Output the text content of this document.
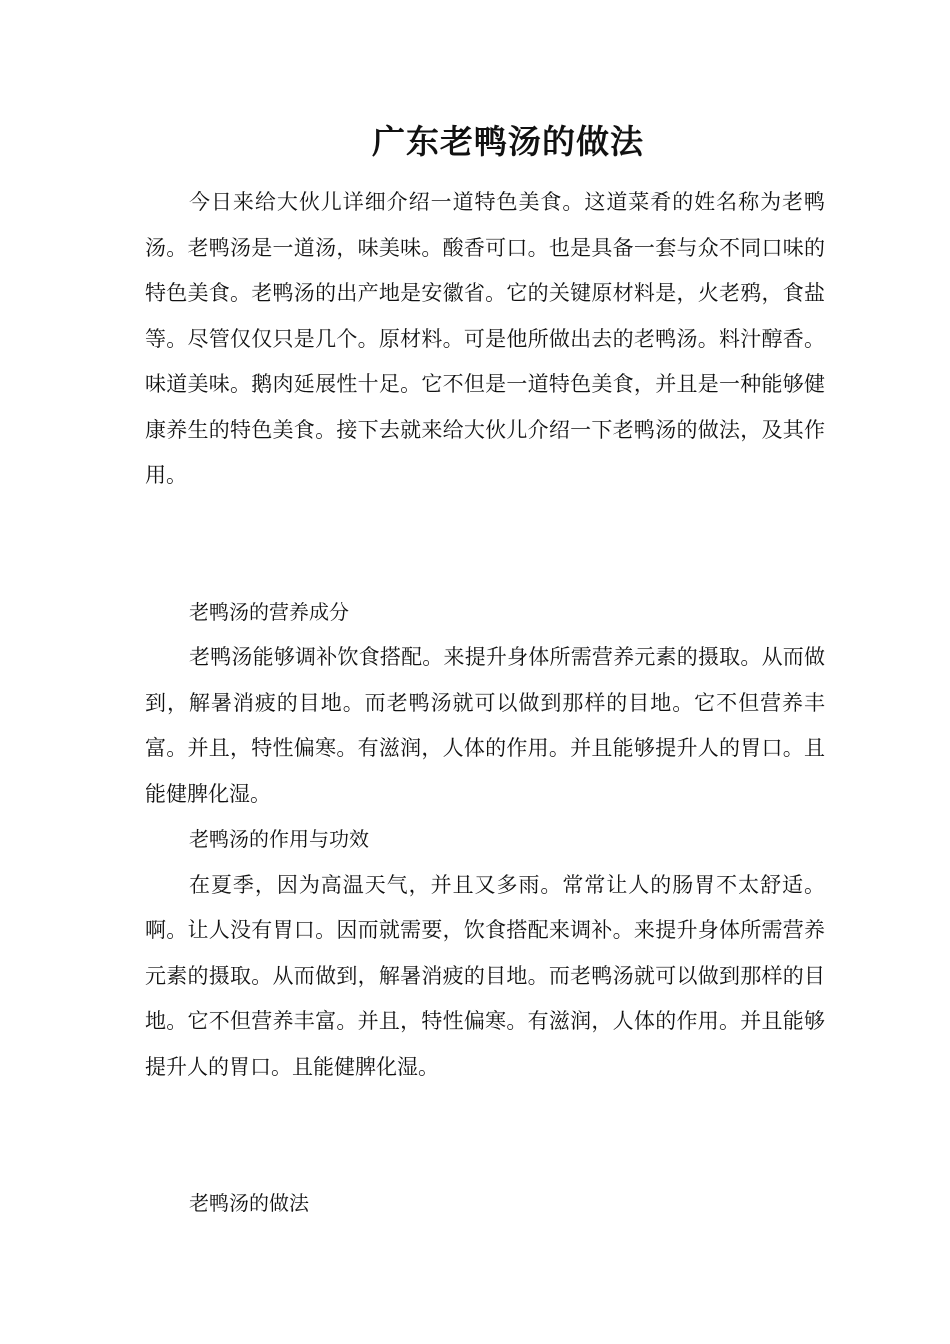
广东老鸭汤的做法

今日来给大伙儿详细介绍一道特色美食。这道菜肴的姓名称为老鸭汤。老鸭汤是一道汤，味美味。酸香可口。也是具备一套与众不同口味的特色美食。老鸭汤的出产地是安徽省。它的关键原材料是，火老鸦，食盐等。尽管仅仅只是几个。原材料。可是他所做出去的老鸭汤。料汁醇香。味道美味。鹅肉延展性十足。它不但是一道特色美食，并且是一种能够健康养生的特色美食。接下去就来给大伙儿介绍一下老鸭汤的做法，及其作用。

老鸭汤的营养成分

老鸭汤能够调补饮食搭配。来提升身体所需营养元素的摄取。从而做到，解暑消疲的目地。而老鸭汤就可以做到那样的目地。它不但营养丰富。并且，特性偏寒。有滋润，人体的作用。并且能够提升人的胃口。且能健脾化湿。

老鸭汤的作用与功效

在夏季，因为高温天气，并且又多雨。常常让人的肠胃不太舒适。啊。让人没有胃口。因而就需要，饮食搭配来调补。来提升身体所需营养元素的摄取。从而做到，解暑消疲的目地。而老鸭汤就可以做到那样的目地。它不但营养丰富。并且，特性偏寒。有滋润，人体的作用。并且能够提升人的胃口。且能健脾化湿。

老鸭汤的做法
